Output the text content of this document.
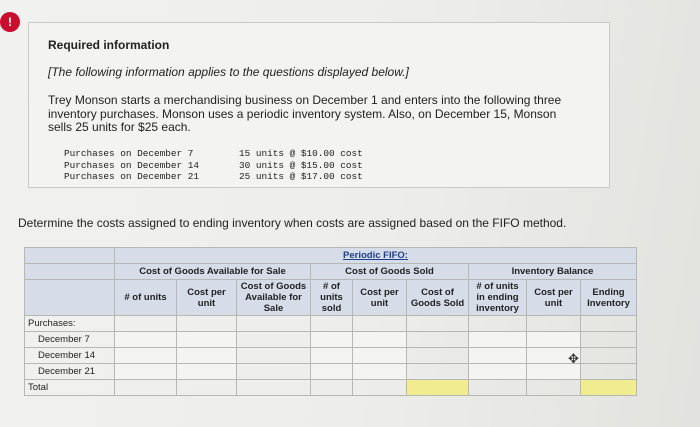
!
Required information
[The following information applies to the questions displayed below.]
Trey Monson starts a merchandising business on December 1 and enters into the following three inventory purchases. Monson uses a periodic inventory system. Also, on December 15, Monson sells 25 units for $25 each.
Purchases on December 7	15 units @ $10.00 cost
Purchases on December 14	30 units @ $15.00 cost
Purchases on December 21	25 units @ $17.00 cost
Determine the costs assigned to ending inventory when costs are assigned based on the FIFO method.
	Periodic FIFO:								
	Cost of Goods Available for Sale			Cost of Goods Sold			Inventory Balance		
	# of units	Cost per unit	Cost of Goods Available for Sale	# of units sold	Cost per unit	Cost of Goods Sold	# of units in ending inventory	Cost per unit	Ending Inventory
Purchases:									
December 7									
December 14									
December 21									
Total									
✥
